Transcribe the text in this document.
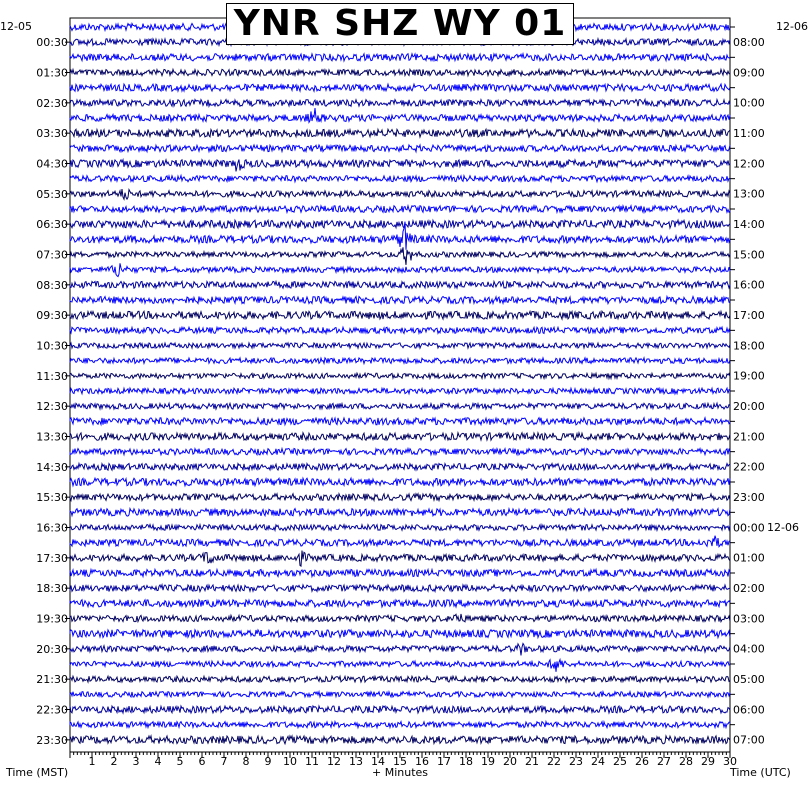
1 2 3 4 5 6 7 8 9 10 11 12 13 14 15 16 17 18 19 20 21 22 23 24 25 26 27 28 29 30
00:30
01:30
02:30
03:30
04:30
05:30
06:30
07:30
08:30
09:30
10:30
11:30
12:30
13:30
14:30
15:30
16:30
17:30
18:30
19:30
20:30
21:30
22:30
23:30
08:00
09:00
10:00
11:00
12:00
13:00
14:00
15:00
16:00
17:00
18:00
19:00
20:00
21:00
22:00
23:00
00:00
01:00
02:00
03:00
04:00
05:00
06:00
07:00
YNR SHZ WY 01
12-05	12-06
12-06
Time (MST)	+ Minutes	Time (UTC)
